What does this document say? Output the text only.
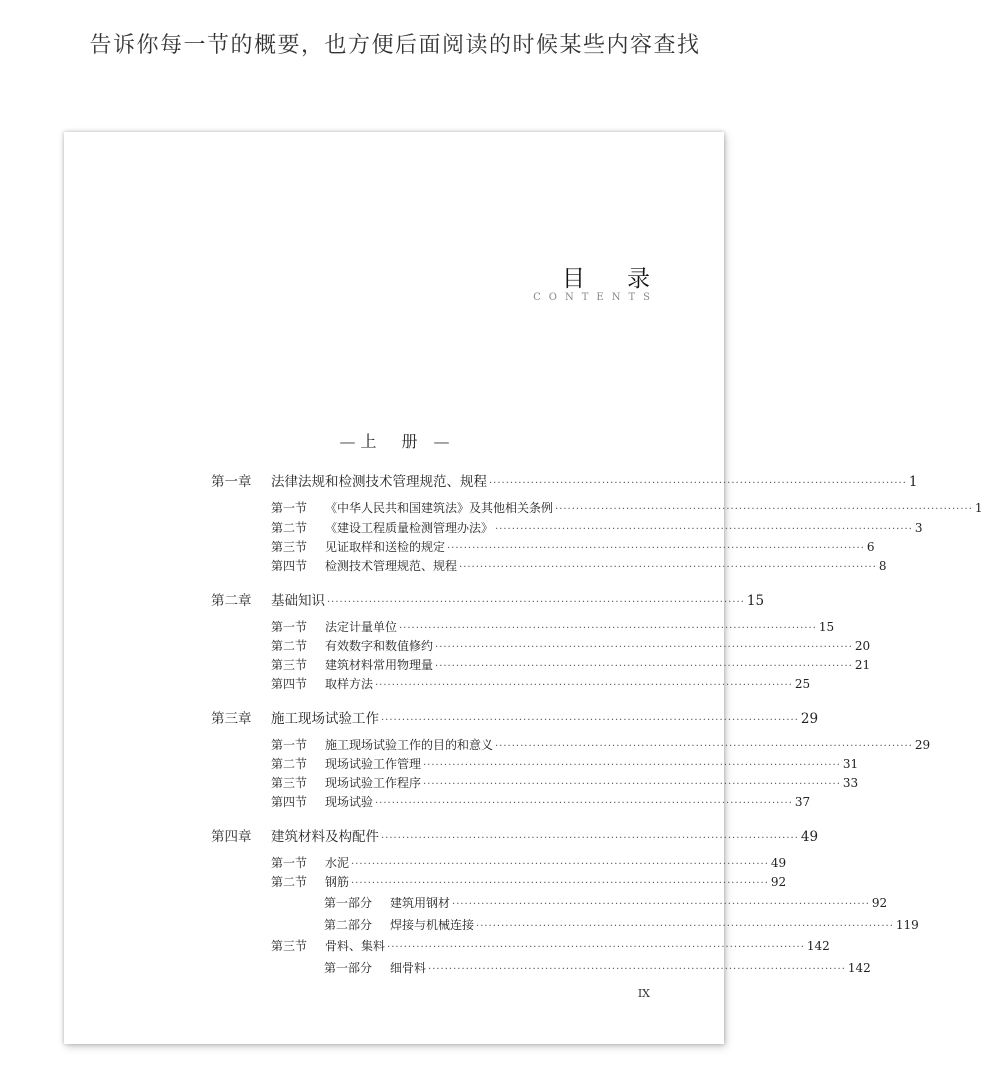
告诉你每一节的概要，也方便后面阅读的时候某些内容查找
目 录
CONTENTS
— 上 册 —
第一章	法律法规和检测技术管理规范、规程 ···································································································· 1
第一节	《中华人民共和国建筑法》及其他相关条例 ···································································································· 1
第二节	《建设工程质量检测管理办法》 ···································································································· 3
第三节	见证取样和送检的规定 ···································································································· 6
第四节	检测技术管理规范、规程 ···································································································· 8
第二章	基础知识 ···································································································· 15
第一节	法定计量单位 ···································································································· 15
第二节	有效数字和数值修约 ···································································································· 20
第三节	建筑材料常用物理量 ···································································································· 21
第四节	取样方法 ···································································································· 25
第三章	施工现场试验工作 ···································································································· 29
第一节	施工现场试验工作的目的和意义 ···································································································· 29
第二节	现场试验工作管理 ···································································································· 31
第三节	现场试验工作程序 ···································································································· 33
第四节	现场试验 ···································································································· 37
第四章	建筑材料及构配件 ···································································································· 49
第一节	水泥 ···································································································· 49
第二节	钢筋 ···································································································· 92
第一部分	建筑用钢材 ···································································································· 92
第二部分	焊接与机械连接 ···································································································· 119
第三节	骨料、集料 ···································································································· 142
第一部分	细骨料 ···································································································· 142
IX
